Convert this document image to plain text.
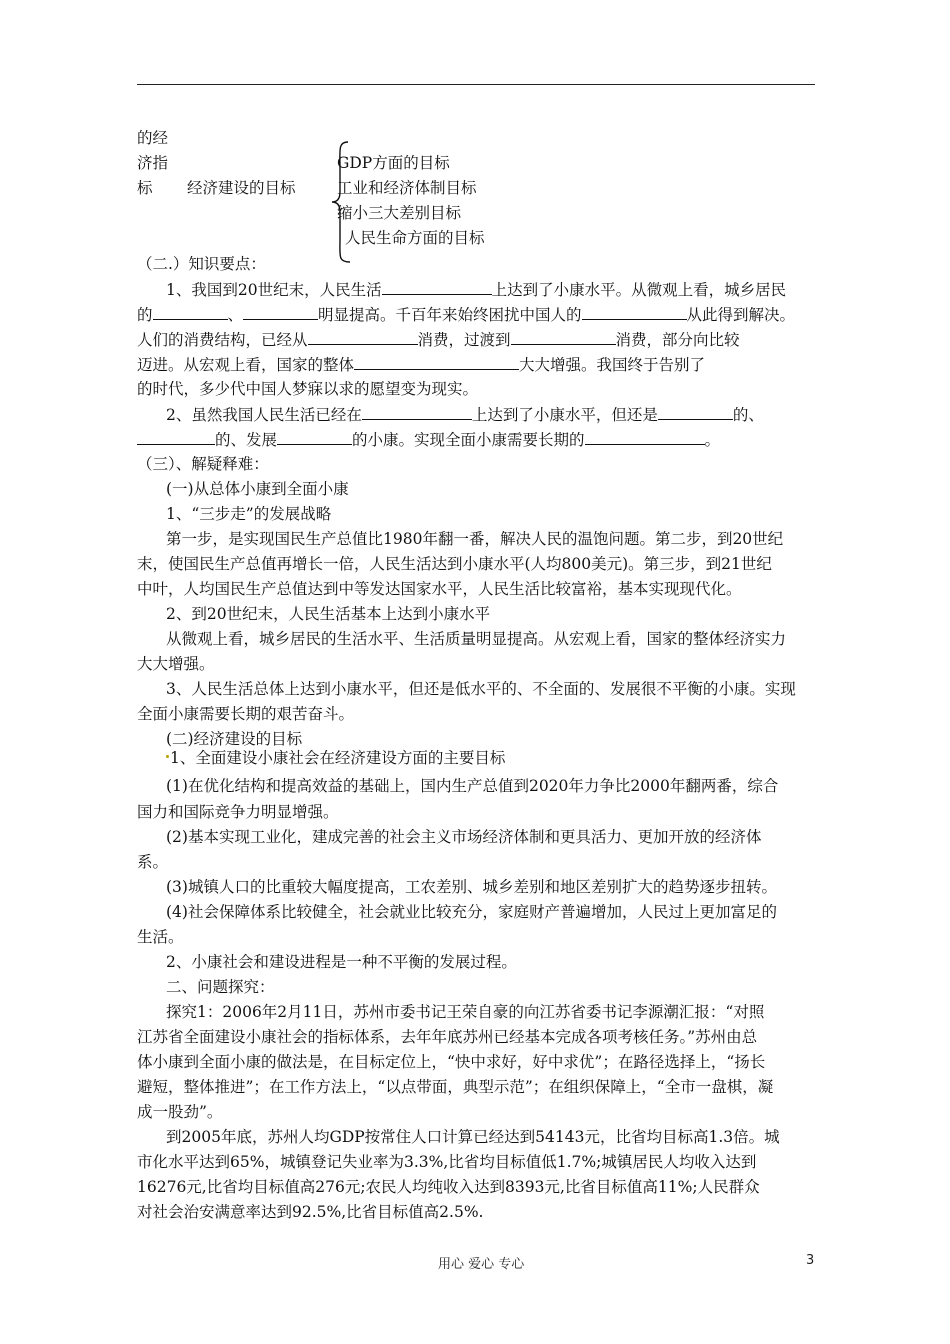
的经
济指
标 经济建设的目标
GDP方面的目标
工业和经济体制目标
缩小三大差别目标
人民生命方面的目标
（二.）知识要点：
1、我国到20世纪末，人民生活	上达到了小康水平。从微观上看，城乡居民
的	、	明显提高。千百年来始终困扰中国人的	从此得到解决。
人们的消费结构，已经从	消费，过渡到	消费，部分向比较
迈进。从宏观上看，国家的整体	大大增强。我国终于告别了
的时代，多少代中国人梦寐以求的愿望变为现实。
2、虽然我国人民生活已经在	上达到了小康水平，但还是	的、
的、发展	的小康。实现全面小康需要长期的	。
（三）、解疑释难：
(一)从总体小康到全面小康
1、“三步走”的发展战略
第一步，是实现国民生产总值比1980年翻一番，解决人民的温饱问题。第二步，到20世纪
末，使国民生产总值再增长一倍，人民生活达到小康水平(人均800美元)。第三步，到21世纪
中叶，人均国民生产总值达到中等发达国家水平，人民生活比较富裕，基本实现现代化。
2、到20世纪末，人民生活基本上达到小康水平
从微观上看，城乡居民的生活水平、生活质量明显提高。从宏观上看，国家的整体经济实力
大大增强。
3、人民生活总体上达到小康水平，但还是低水平的、不全面的、发展很不平衡的小康。实现
全面小康需要长期的艰苦奋斗。
(二)经济建设的目标
1、全面建设小康社会在经济建设方面的主要目标
(1)在优化结构和提高效益的基础上，国内生产总值到2020年力争比2000年翻两番，综合
国力和国际竞争力明显增强。
(2)基本实现工业化，建成完善的社会主义市场经济体制和更具活力、更加开放的经济体
系。
(3)城镇人口的比重较大幅度提高，工农差别、城乡差别和地区差别扩大的趋势逐步扭转。
(4)社会保障体系比较健全，社会就业比较充分，家庭财产普遍增加，人民过上更加富足的
生活。
2、小康社会和建设进程是一种不平衡的发展过程。
二、问题探究：
探究1：2006年2月11日，苏州市委书记王荣自豪的向江苏省委书记李源潮汇报：“对照
江苏省全面建设小康社会的指标体系，去年年底苏州已经基本完成各项考核任务。”苏州由总
体小康到全面小康的做法是，在目标定位上，“快中求好，好中求优”；在路径选择上，“扬长
避短，整体推进”；在工作方法上，“以点带面，典型示范”；在组织保障上，“全市一盘棋，凝
成一股劲”。
到2005年底，苏州人均GDP按常住人口计算已经达到54143元，比省均目标高1.3倍。城
市化水平达到65%，城镇登记失业率为3.3%,比省均目标值低1.7%;城镇居民人均收入达到
16276元,比省均目标值高276元;农民人均纯收入达到8393元,比省目标值高11%;人民群众
对社会治安满意率达到92.5%,比省目标值高2.5%.
用心 爱心 专心	3
